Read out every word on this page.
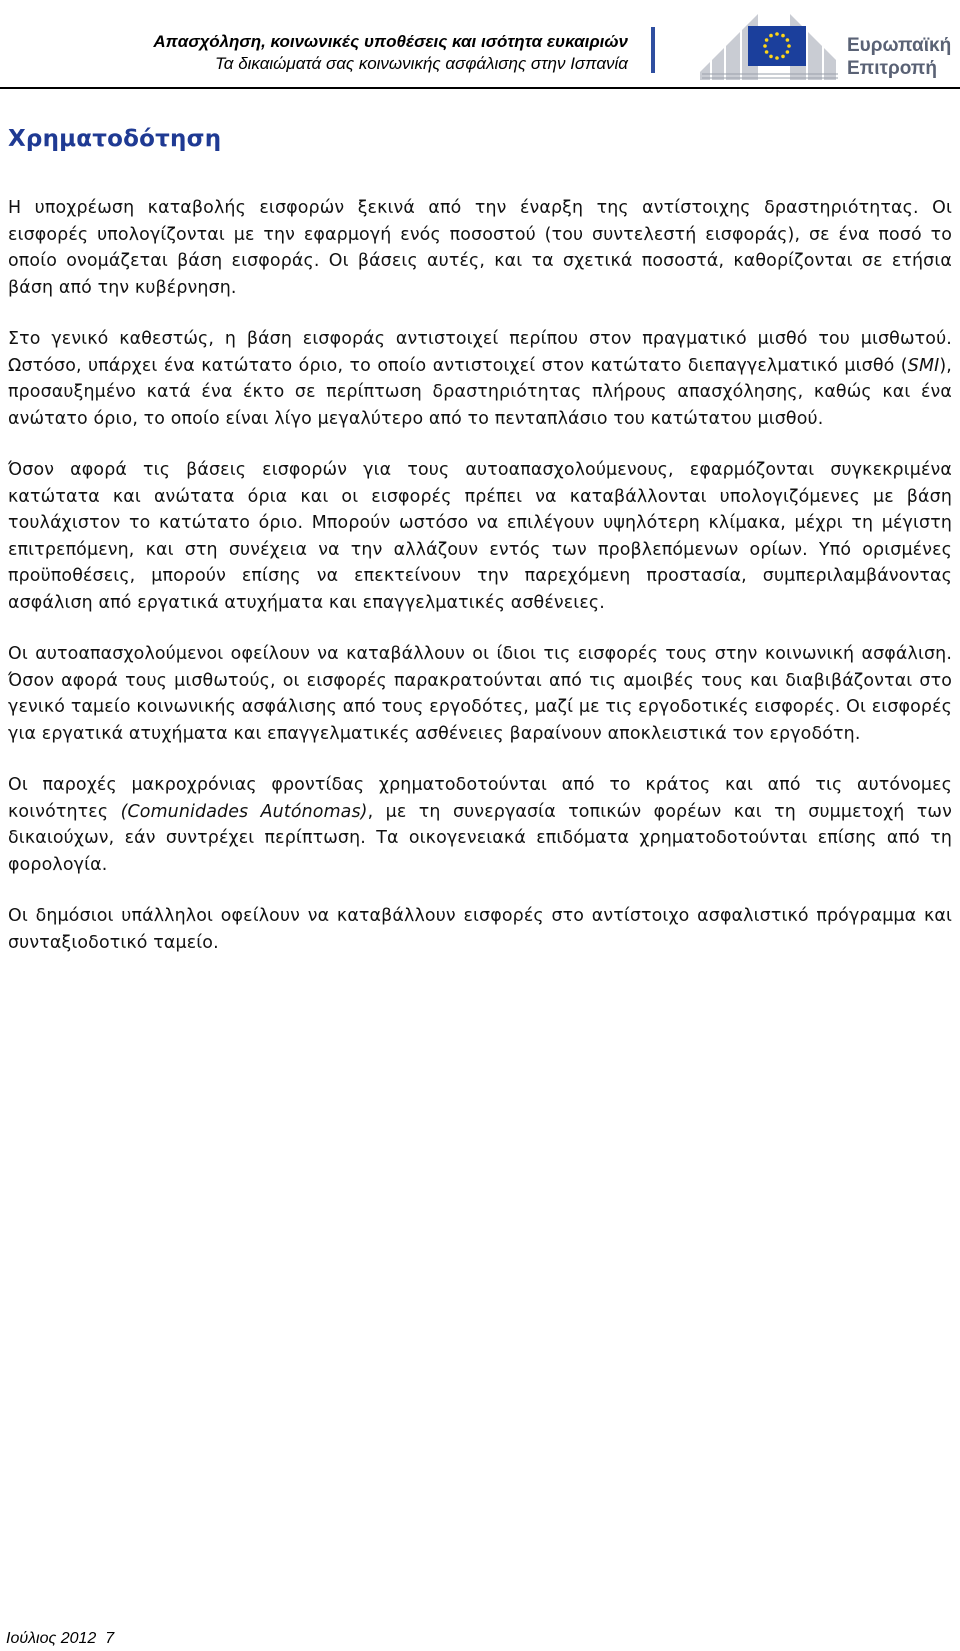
Απασχόληση, κοινωνικές υποθέσεις και ισότητα ευκαιριών
Τα δικαιώματά σας κοινωνικής ασφάλισης στην Ισπανία
Ευρωπαϊκή
Επιτροπή
Χρηματοδότηση

Η υποχρέωση καταβολής εισφορών ξεκινά από την έναρξη της αντίστοιχης δραστηριότητας. Οι εισφορές υπολογίζονται με την εφαρμογή ενός ποσοστού (του συντελεστή εισφοράς), σε ένα ποσό το οποίο ονομάζεται βάση εισφοράς. Οι βάσεις αυτές, και τα σχετικά ποσοστά, καθορίζονται σε ετήσια βάση από την κυβέρνηση.

Στο γενικό καθεστώς, η βάση εισφοράς αντιστοιχεί περίπου στον πραγματικό μισθό του μισθωτού. Ωστόσο, υπάρχει ένα κατώτατο όριο, το οποίο αντιστοιχεί στον κατώτατο διεπαγγελματικό μισθό (SMI), προσαυξημένο κατά ένα έκτο σε περίπτωση δραστηριότητας πλήρους απασχόλησης, καθώς και ένα ανώτατο όριο, το οποίο είναι λίγο μεγαλύτερο από το πενταπλάσιο του κατώτατου μισθού.

Όσον αφορά τις βάσεις εισφορών για τους αυτοαπασχολούμενους, εφαρμόζονται συγκεκριμένα κατώτατα και ανώτατα όρια και οι εισφορές πρέπει να καταβάλλονται υπολογιζόμενες με βάση τουλάχιστον το κατώτατο όριο. Μπορούν ωστόσο να επιλέγουν υψηλότερη κλίμακα, μέχρι τη μέγιστη επιτρεπόμενη, και στη συνέχεια να την αλλάζουν εντός των προβλεπόμενων ορίων. Υπό ορισμένες προϋποθέσεις, μπορούν επίσης να επεκτείνουν την παρεχόμενη προστασία, συμπεριλαμβάνοντας ασφάλιση από εργατικά ατυχήματα και επαγγελματικές ασθένειες.

Οι αυτοαπασχολούμενοι οφείλουν να καταβάλλουν οι ίδιοι τις εισφορές τους στην κοινωνική ασφάλιση. Όσον αφορά τους μισθωτούς, οι εισφορές παρακρατούνται από τις αμοιβές τους και διαβιβάζονται στο γενικό ταμείο κοινωνικής ασφάλισης από τους εργοδότες, μαζί με τις εργοδοτικές εισφορές. Οι εισφορές για εργατικά ατυχήματα και επαγγελματικές ασθένειες βαραίνουν αποκλειστικά τον εργοδότη.

Οι παροχές μακροχρόνιας φροντίδας χρηματοδοτούνται από το κράτος και από τις αυτόνομες κοινότητες (Comunidades Autónomas), με τη συνεργασία τοπικών φορέων και τη συμμετοχή των δικαιούχων, εάν συντρέχει περίπτωση. Τα οικογενειακά επιδόματα χρηματοδοτούνται επίσης από τη φορολογία.

Οι δημόσιοι υπάλληλοι οφείλουν να καταβάλλουν εισφορές στο αντίστοιχο ασφαλιστικό πρόγραμμα και συνταξιοδοτικό ταμείο.

Ιούλιος 2012 7
